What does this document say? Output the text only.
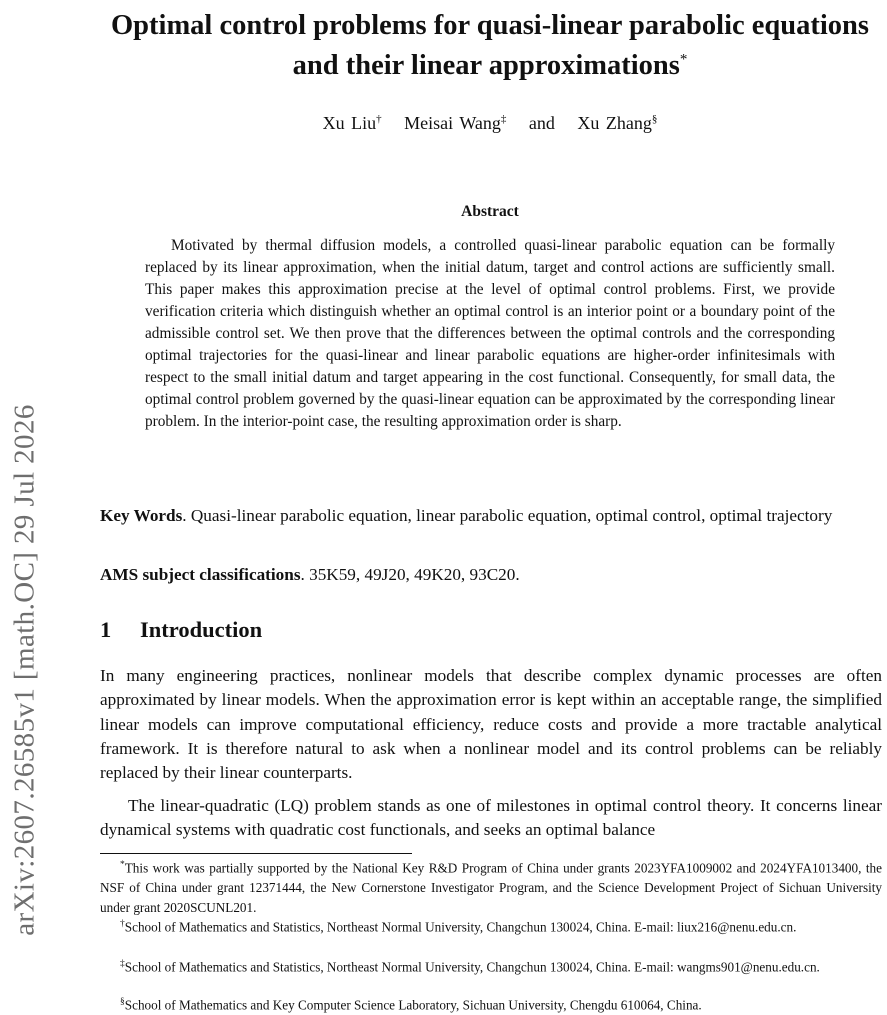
arXiv:2607.26585v1 [math.OC] 29 Jul 2026
Optimal control problems for quasi-linear parabolic equations and their linear approximations*
Xu Liu† Meisai Wang‡ and Xu Zhang§
Abstract

Motivated by thermal diffusion models, a controlled quasi-linear parabolic equation can be formally replaced by its linear approximation, when the initial datum, target and control actions are sufficiently small. This paper makes this approximation precise at the level of optimal control problems. First, we provide verification criteria which distinguish whether an optimal control is an interior point or a boundary point of the admissible control set. We then prove that the differences between the optimal controls and the corresponding optimal trajectories for the quasi-linear and linear parabolic equations are higher-order infinitesimals with respect to the small initial datum and target appearing in the cost functional. Consequently, for small data, the optimal control problem governed by the quasi-linear equation can be approximated by the corresponding linear problem. In the interior-point case, the resulting approximation order is sharp.

Key Words. Quasi-linear parabolic equation, linear parabolic equation, optimal control, optimal trajectory

AMS subject classifications. 35K59, 49J20, 49K20, 93C20.

1 Introduction

In many engineering practices, nonlinear models that describe complex dynamic processes are often approximated by linear models. When the approximation error is kept within an acceptable range, the simplified linear models can improve computational efficiency, reduce costs and provide a more tractable analytical framework. It is therefore natural to ask when a nonlinear model and its control problems can be reliably replaced by their linear counterparts.

The linear-quadratic (LQ) problem stands as one of milestones in optimal control theory. It concerns linear dynamical systems with quadratic cost functionals, and seeks an optimal balance

*This work was partially supported by the National Key R&D Program of China under grants 2023YFA1009002 and 2024YFA1013400, the NSF of China under grant 12371444, the New Cornerstone Investigator Program, and the Science Development Project of Sichuan University under grant 2020SCUNL201.

†School of Mathematics and Statistics, Northeast Normal University, Changchun 130024, China. E-mail: liux216@nenu.edu.cn.

‡School of Mathematics and Statistics, Northeast Normal University, Changchun 130024, China. E-mail: wangms901@nenu.edu.cn.

§School of Mathematics and Key Computer Science Laboratory, Sichuan University, Chengdu 610064, China.
